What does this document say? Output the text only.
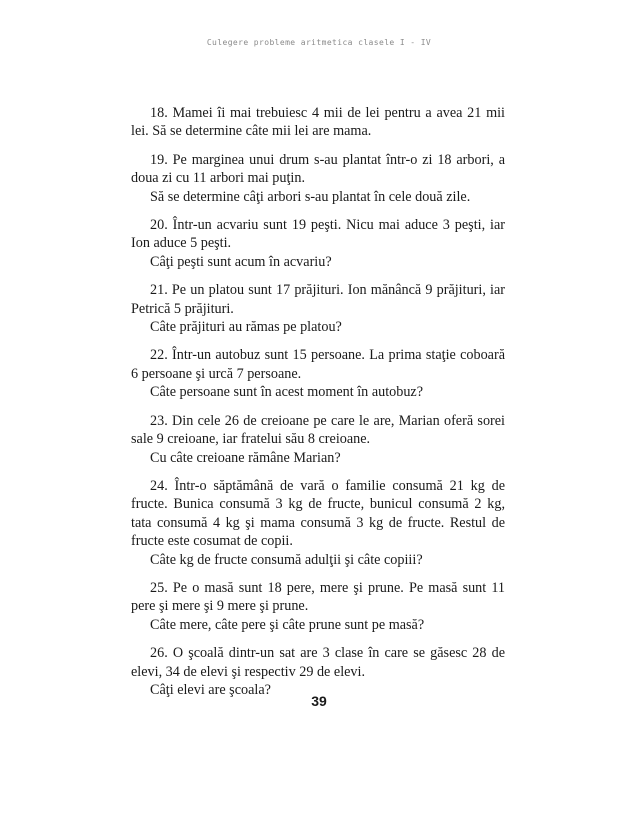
Culegere probleme aritmetica clasele I - IV

18. Mamei îi mai trebuiesc 4 mii de lei pentru a avea 21 mii lei. Să se determine câte mii lei are mama.

19. Pe marginea unui drum s-au plantat într-o zi 18 arbori, a doua zi cu 11 arbori mai puţin.

Să se determine câţi arbori s-au plantat în cele două zile.

20. Într-un acvariu sunt 19 peşti. Nicu mai aduce 3 peşti, iar Ion aduce 5 peşti.

Câţi peşti sunt acum în acvariu?

21. Pe un platou sunt 17 prăjituri. Ion mănâncă 9 prăjituri, iar Petrică 5 prăjituri.

Câte prăjituri au rămas pe platou?

22. Într-un autobuz sunt 15 persoane. La prima staţie coboară 6 persoane şi urcă 7 persoane.

Câte persoane sunt în acest moment în autobuz?

23. Din cele 26 de creioane pe care le are, Marian oferă sorei sale 9 creioane, iar fratelui său 8 creioane.

Cu câte creioane rămâne Marian?

24. Într-o săptămână de vară o familie consumă 21 kg de fructe. Bunica consumă 3 kg de fructe, bunicul consumă 2 kg, tata consumă 4 kg şi mama consumă 3 kg de fructe. Restul de fructe este cosumat de copii.

Câte kg de fructe consumă adulţii şi câte copiii?

25. Pe o masă sunt 18 pere, mere şi prune. Pe masă sunt 11 pere şi mere şi 9 mere şi prune.

Câte mere, câte pere şi câte prune sunt pe masă?

26. O şcoală dintr-un sat are 3 clase în care se găsesc 28 de elevi, 34 de elevi şi respectiv 29 de elevi.

Câţi elevi are şcoala?

39
